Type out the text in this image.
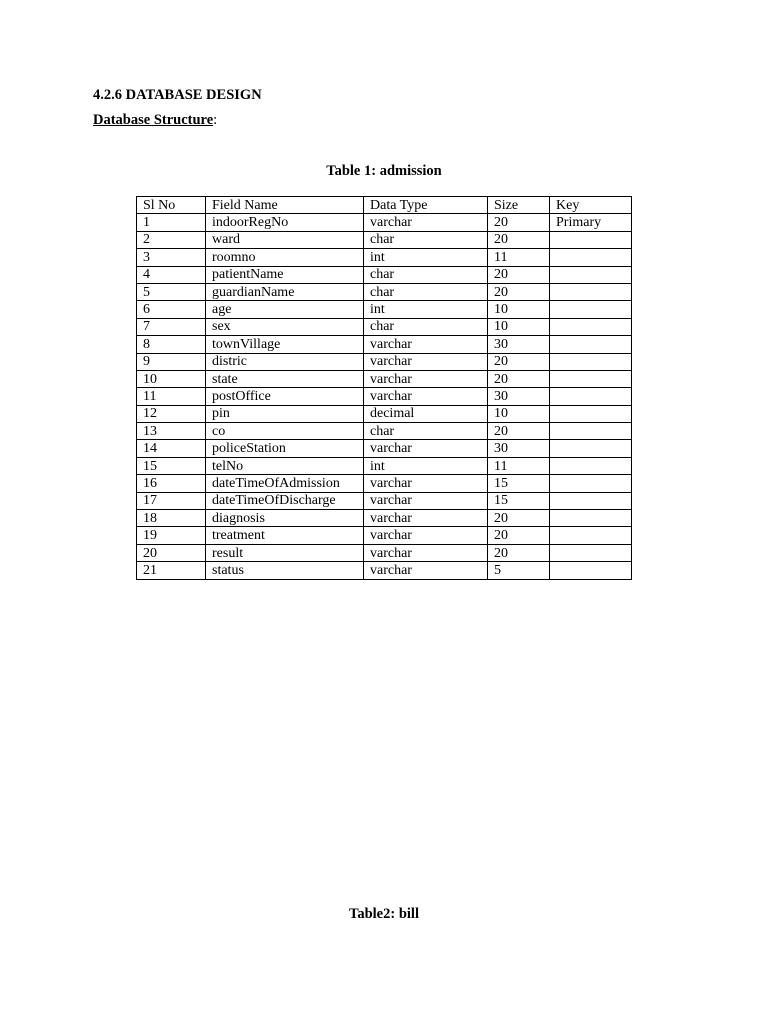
4.2.6 DATABASE DESIGN

Database Structure:

Table 1: admission

Sl No	Field Name	Data Type	Size	Key
1	indoorRegNo	varchar	20	Primary
2	ward	char	20	
3	roomno	int	11	
4	patientName	char	20	
5	guardianName	char	20	
6	age	int	10	
7	sex	char	10	
8	townVillage	varchar	30	
9	distric	varchar	20	
10	state	varchar	20	
11	postOffice	varchar	30	
12	pin	decimal	10	
13	co	char	20	
14	policeStation	varchar	30	
15	telNo	int	11	
16	dateTimeOfAdmission	varchar	15	
17	dateTimeOfDischarge	varchar	15	
18	diagnosis	varchar	20	
19	treatment	varchar	20	
20	result	varchar	20	
21	status	varchar	5	

Table2: bill
